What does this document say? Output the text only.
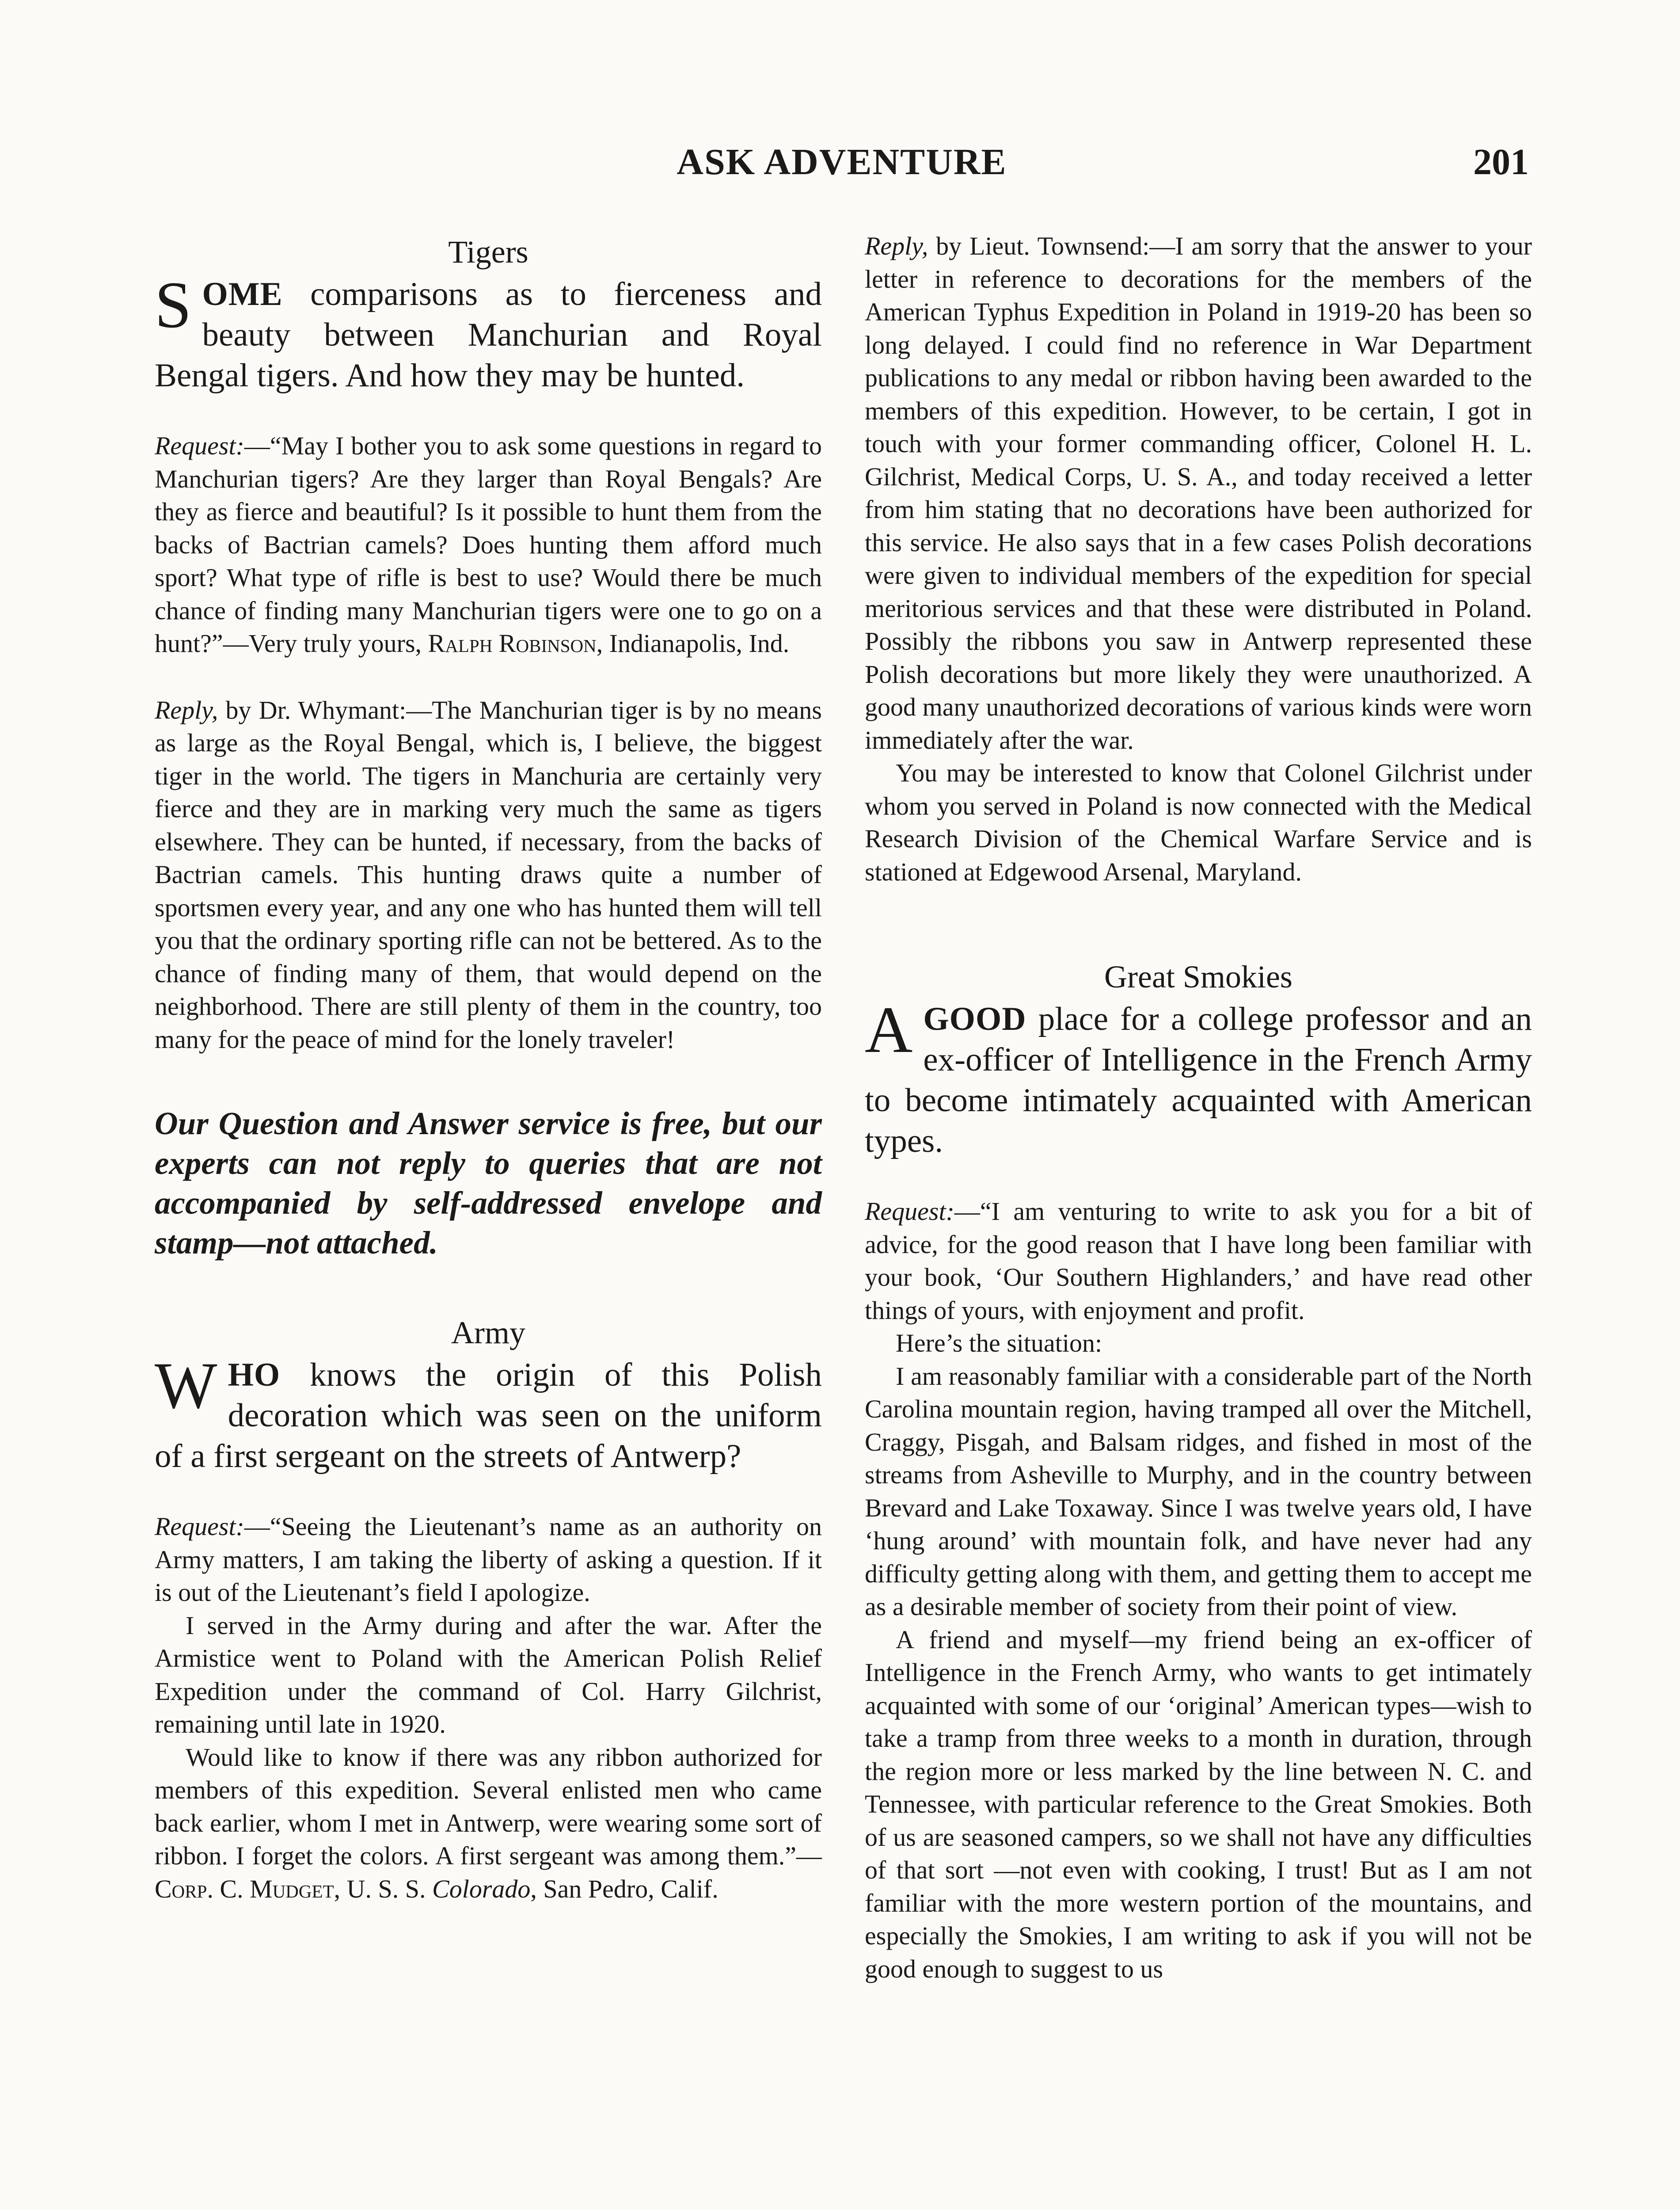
ASK ADVENTURE	201

Tigers

SOME comparisons as to fierceness and beauty between Manchurian and Royal Bengal tigers. And how they may be hunted.

Request:—“May I bother you to ask some questions in regard to Manchurian tigers? Are they larger than Royal Bengals? Are they as fierce and beautiful? Is it possible to hunt them from the backs of Bactrian camels? Does hunting them afford much sport? What type of rifle is best to use? Would there be much chance of finding many Manchurian tigers were one to go on a hunt?”—Very truly yours, Ralph Robinson, Indianapolis, Ind.

Reply, by Dr. Whymant:—The Manchurian tiger is by no means as large as the Royal Bengal, which is, I believe, the biggest tiger in the world. The tigers in Manchuria are certainly very fierce and they are in marking very much the same as tigers elsewhere. They can be hunted, if necessary, from the backs of Bactrian camels. This hunting draws quite a number of sportsmen every year, and any one who has hunted them will tell you that the ordinary sporting rifle can not be bettered. As to the chance of finding many of them, that would depend on the neighborhood. There are still plenty of them in the country, too many for the peace of mind for the lonely traveler!

Our Question and Answer service is free, but our experts can not reply to queries that are not accompanied by self-addressed envelope and stamp—not attached.

Army

WHO knows the origin of this Polish decoration which was seen on the uniform of a first sergeant on the streets of Antwerp?

Request:—“Seeing the Lieutenant’s name as an authority on Army matters, I am taking the liberty of asking a question. If it is out of the Lieutenant’s field I apologize.

I served in the Army during and after the war. After the Armistice went to Poland with the American Polish Relief Expedition under the command of Col. Harry Gilchrist, remaining until late in 1920.

Would like to know if there was any ribbon authorized for members of this expedition. Several enlisted men who came back earlier, whom I met in Antwerp, were wearing some sort of ribbon. I forget the colors. A first sergeant was among them.”—Corp. C. Mudget, U. S. S. Colorado, San Pedro, Calif.

Reply, by Lieut. Townsend:—I am sorry that the answer to your letter in reference to decorations for the members of the American Typhus Expedition in Poland in 1919-20 has been so long delayed. I could find no reference in War Department publications to any medal or ribbon having been awarded to the members of this expedition. However, to be certain, I got in touch with your former commanding officer, Colonel H. L. Gilchrist, Medical Corps, U. S. A., and today received a letter from him stating that no decorations have been authorized for this service. He also says that in a few cases Polish decorations were given to individual members of the expedition for special meritorious services and that these were distributed in Poland. Possibly the ribbons you saw in Antwerp represented these Polish decorations but more likely they were unauthorized. A good many unauthorized decorations of various kinds were worn immediately after the war.

You may be interested to know that Colonel Gilchrist under whom you served in Poland is now connected with the Medical Research Division of the Chemical Warfare Service and is stationed at Edgewood Arsenal, Maryland.

Great Smokies

AGOOD place for a college professor and an ex-officer of Intelligence in the French Army to become intimately acquainted with American types.

Request:—“I am venturing to write to ask you for a bit of advice, for the good reason that I have long been familiar with your book, ‘Our Southern Highlanders,’ and have read other things of yours, with enjoyment and profit.

Here’s the situation:

I am reasonably familiar with a considerable part of the North Carolina mountain region, having tramped all over the Mitchell, Craggy, Pisgah, and Balsam ridges, and fished in most of the streams from Asheville to Murphy, and in the country between Brevard and Lake Toxaway. Since I was twelve years old, I have ‘hung around’ with mountain folk, and have never had any difficulty getting along with them, and getting them to accept me as a desirable member of society from their point of view.

A friend and myself—my friend being an ex-officer of Intelligence in the French Army, who wants to get intimately acquainted with some of our ‘original’ American types—wish to take a tramp from three weeks to a month in duration, through the region more or less marked by the line between N. C. and Tennessee, with particular reference to the Great Smokies. Both of us are seasoned campers, so we shall not have any difficulties of that sort —not even with cooking, I trust! But as I am not familiar with the more western portion of the mountains, and especially the Smokies, I am writing to ask if you will not be good enough to suggest to us
